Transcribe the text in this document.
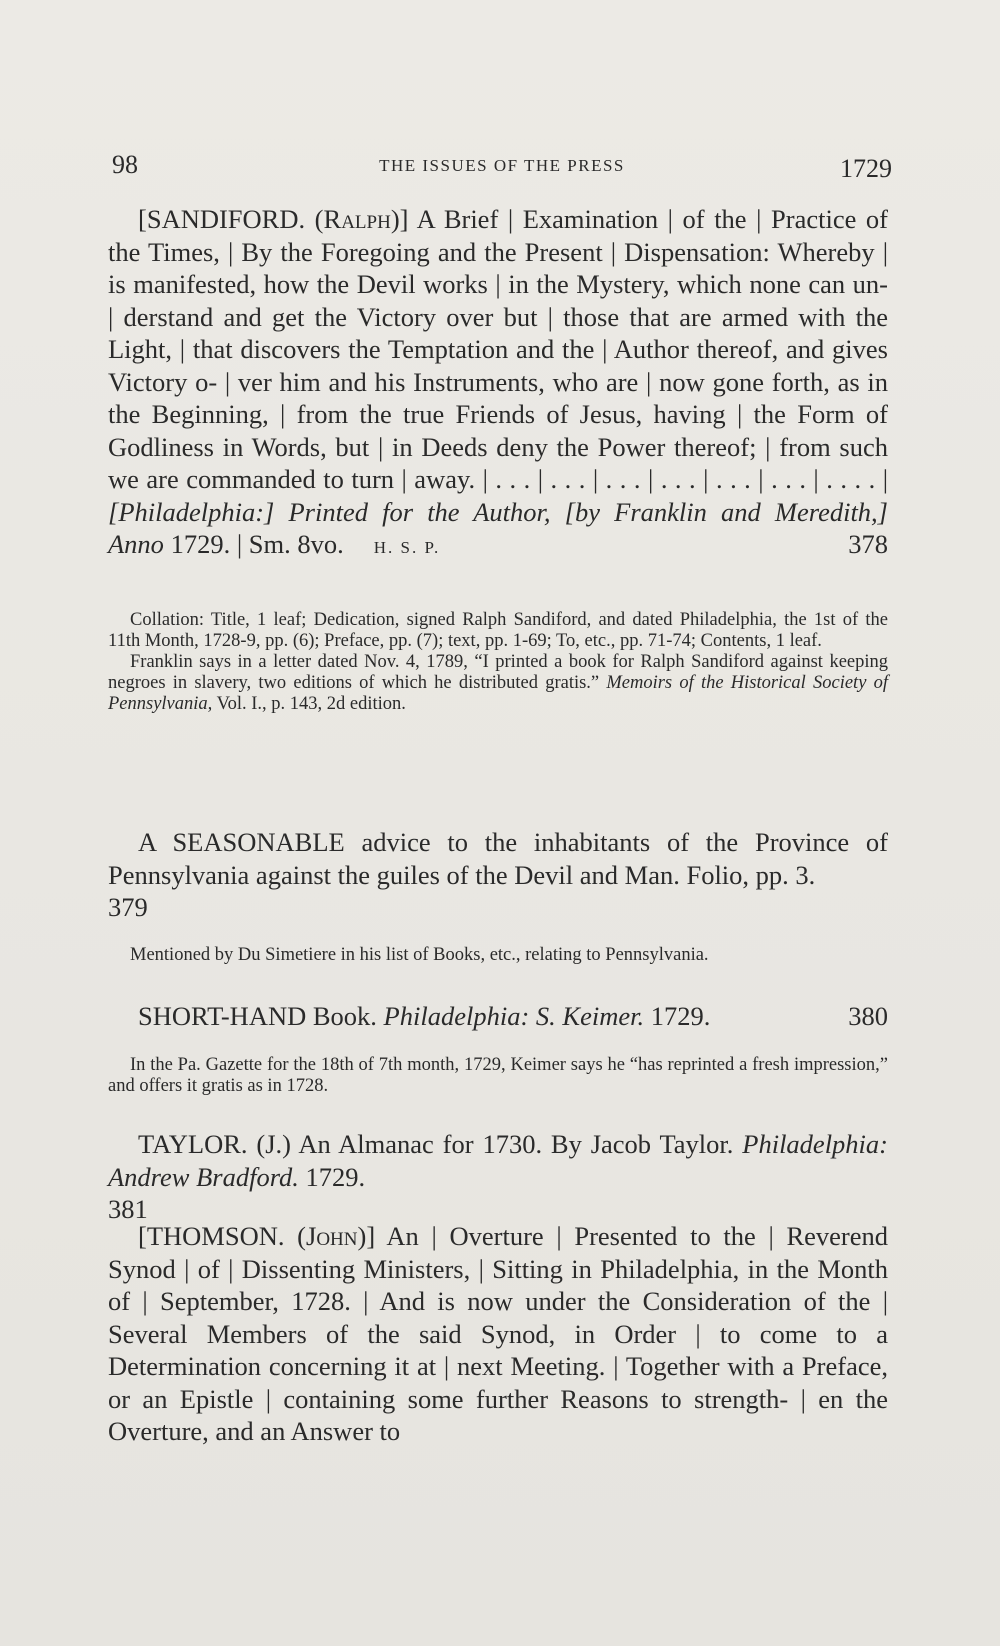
98	THE ISSUES OF THE PRESS	1729

[SANDIFORD. (Ralph)] A Brief | Examination | of the | Practice of the Times, | By the Foregoing and the Present | Dispensation: Whereby | is manifested, how the Devil works | in the Mystery, which none can un- | derstand and get the Victory over but | those that are armed with the Light, | that discovers the Temptation and the | Author thereof, and gives Victory o- | ver him and his Instruments, who are | now gone forth, as in the Beginning, | from the true Friends of Jesus, having | the Form of Godliness in Words, but | in Deeds deny the Power thereof; | from such we are commanded to turn | away. | . . . | . . . | . . . | . . . | . . . | . . . | . . . . | [Philadelphia:] Printed for the Author, [by Franklin and Meredith,] Anno 1729. | Sm. 8vo. H. S. P.	378

Collation: Title, 1 leaf; Dedication, signed Ralph Sandiford, and dated Philadelphia, the 1st of the 11th Month, 1728-9, pp. (6); Preface, pp. (7); text, pp. 1-69; To, etc., pp. 71-74; Contents, 1 leaf.

Franklin says in a letter dated Nov. 4, 1789, “I printed a book for Ralph Sandiford against keeping negroes in slavery, two editions of which he distributed gratis.” Memoirs of the Historical Society of Pennsylvania, Vol. I., p. 143, 2d edition.

A SEASONABLE advice to the inhabitants of the Province of Pennsylvania against the guiles of the Devil and Man. Folio, pp. 3.

379

Mentioned by Du Simetiere in his list of Books, etc., relating to Pennsylvania.

SHORT-HAND Book. Philadelphia: S. Keimer. 1729.	380

In the Pa. Gazette for the 18th of 7th month, 1729, Keimer says he “has reprinted a fresh impression,” and offers it gratis as in 1728.

TAYLOR. (J.) An Almanac for 1730. By Jacob Taylor. Philadelphia: Andrew Bradford. 1729.

381

[THOMSON. (John)] An | Overture | Presented to the | Reverend Synod | of | Dissenting Ministers, | Sitting in Philadelphia, in the Month of | September, 1728. | And is now under the Consideration of the | Several Members of the said Synod, in Order | to come to a Determination concerning it at | next Meeting. | Together with a Preface, or an Epistle | containing some further Reasons to strength- | en the Overture, and an Answer to
